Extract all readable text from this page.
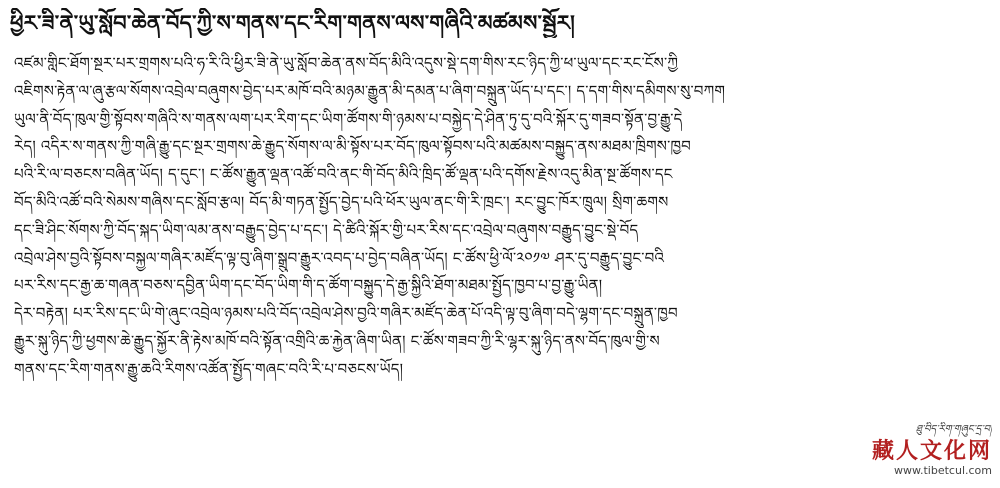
ཕྱིར་ཟི་ནེ་ཡུ་སློབ་ཆེན་བོད་ཀྱི་ས་གནས་དང་རིག་གནས་ལས་གཞིའི་མཚམས་སྦྱོར།
འཛམ་གླིང་ཐོག་སྔར་པར་གྲགས་པའི་ཧ་རི་འི་ཕྱིར་ཟི་ནེ་ཡུ་སློབ་ཆེན་ནས་བོད་མིའི་འདུས་སྡེ་དག་གིས་རང་ཉིད་ཀྱི་ཕ་ཡུལ་དང་རང་ངོས་ཀྱི
འཇིགས་རྟེན་ལ་ཞུ་རྩལ་སོགས་འབྲེལ་བཞུགས་བྱེད་པར་མཁོ་བའི་མཉམ་རྒྱུན་མི་དམན་པ་ཞིག་བསྐྲུན་ཡོད་པ་དང་། ད་དག་གིས་དམིགས་སུ་བཀག
ཡུལ་ནི་བོད་ཁུལ་གྱི་སྟོབས་གཞིའི་ས་གནས་ལག་པར་རིག་དང་ཡིག་ཚོགས་གི་ཉམས་པ་བསྐྱེད་དེ་ཤིན་ཏུ་དུ་བའི་སྐོར་དུ་གཟབ་སྟོན་བྱ་རྒྱུ་དེ
རེད། འདིར་ས་གནས་ཀྱི་གཞི་རྒྱུ་དང་སྔར་གྲགས་ཆེ་རྒྱུད་སོགས་ལ་མི་སྟོས་པར་བོད་ཁུལ་སྟོབས་པའི་མཚམས་བསྐྱུད་ནས་མཐམ་ཁྲིགས་ཁྱབ
པའི་རི་ལ་བཅངས་བཞིན་ཡོད། ད་དུང་། ང་ཚོས་རྒྱུན་ལྡན་འཚོ་བའི་ནང་གི་བོད་མིའི་ཁྲིད་ཚོ་ལྡན་པའི་དགོས་རྗེས་འདུ་མིན་སྔ་ཚོགས་དང
བོད་མིའི་འཚོ་བའི་སེམས་གཞིས་དང་སློབ་རྩལ། བོད་མི་གཏན་སྤྱོད་བྱེད་པའི་ཕོར་ཡུལ་ནང་གི་རི་ཁྲང་། རང་བྱུང་ཁོར་ཁྲུལ། སྲིག་ཆགས
དང་ཟི་ཤིང་སོགས་ཀྱི་བོད་སྐད་ཡིག་ལམ་ནས་བརྒྱུད་བྱེད་པ་དང་། དེ་ཚིའི་སྐོར་གྱི་པར་རིས་དང་འབྲེལ་བཞུགས་བརྒྱུད་བྱུང་སྡེ་བོད
འབྲེལ་ཤེས་བྱའི་སྟོབས་བསྐྱལ་གཞིར་མཛོད་ལྟ་བུ་ཞིག་སྒྲུབ་རྒྱུར་འབད་པ་བྱེད་བཞིན་ཡོད། ང་ཚོས་ཕྱི་ལོ་༢༠༡༧ ཤར་དུ་བརྒྱུད་བྱུང་བའི
པར་རིས་དང་རྒྱ་ཆ་གཞན་བཅས་དབྱིན་ཡིག་དང་བོད་ཡིག་གི་ད་ཚོག་བསྐྱུད་དེ་རྒྱ་སྐྱིའི་ཐོག་མཐམ་སྤྱོད་ཁྱབ་པ་བྱ་རྒྱུ་ཡིན།
དེར་བརྟེན། པར་རིས་དང་ཡི་གེ་ཞུང་འབྲེལ་ཉམས་པའི་བོད་འབྲེལ་ཤེས་བྱའི་གཞིར་མཛོད་ཆེན་པོ་འདི་ལྟ་བུ་ཞིག་བདེ་ལྷག་དང་བསྐྲུན་ཁྱབ
རྒྱུར་སྐུ་ཉིད་ཀྱི་ཕྱགས་ཆེ་རྒྱུད་སྐྱོར་ནི་རྟེས་མཁོ་བའི་སྟོན་འགྲིའི་ཆ་རྐྱེན་ཞིག་ཡིན། ང་ཚོས་གཟབ་ཀྱི་རི་ལྷར་སྐུ་ཉིད་ནས་བོད་ཁུལ་གྱི་ས
གནས་དང་རིག་གནས་རྒྱུ་ཆའི་རིགས་འཚོན་སྤྱོད་གཞང་བའི་རི་པ་བཅངས་ཡོད།
ཐུ་བིད་རིག་གཞུང་དྲ་བ།
藏人文化网
www.tibetcul.com
